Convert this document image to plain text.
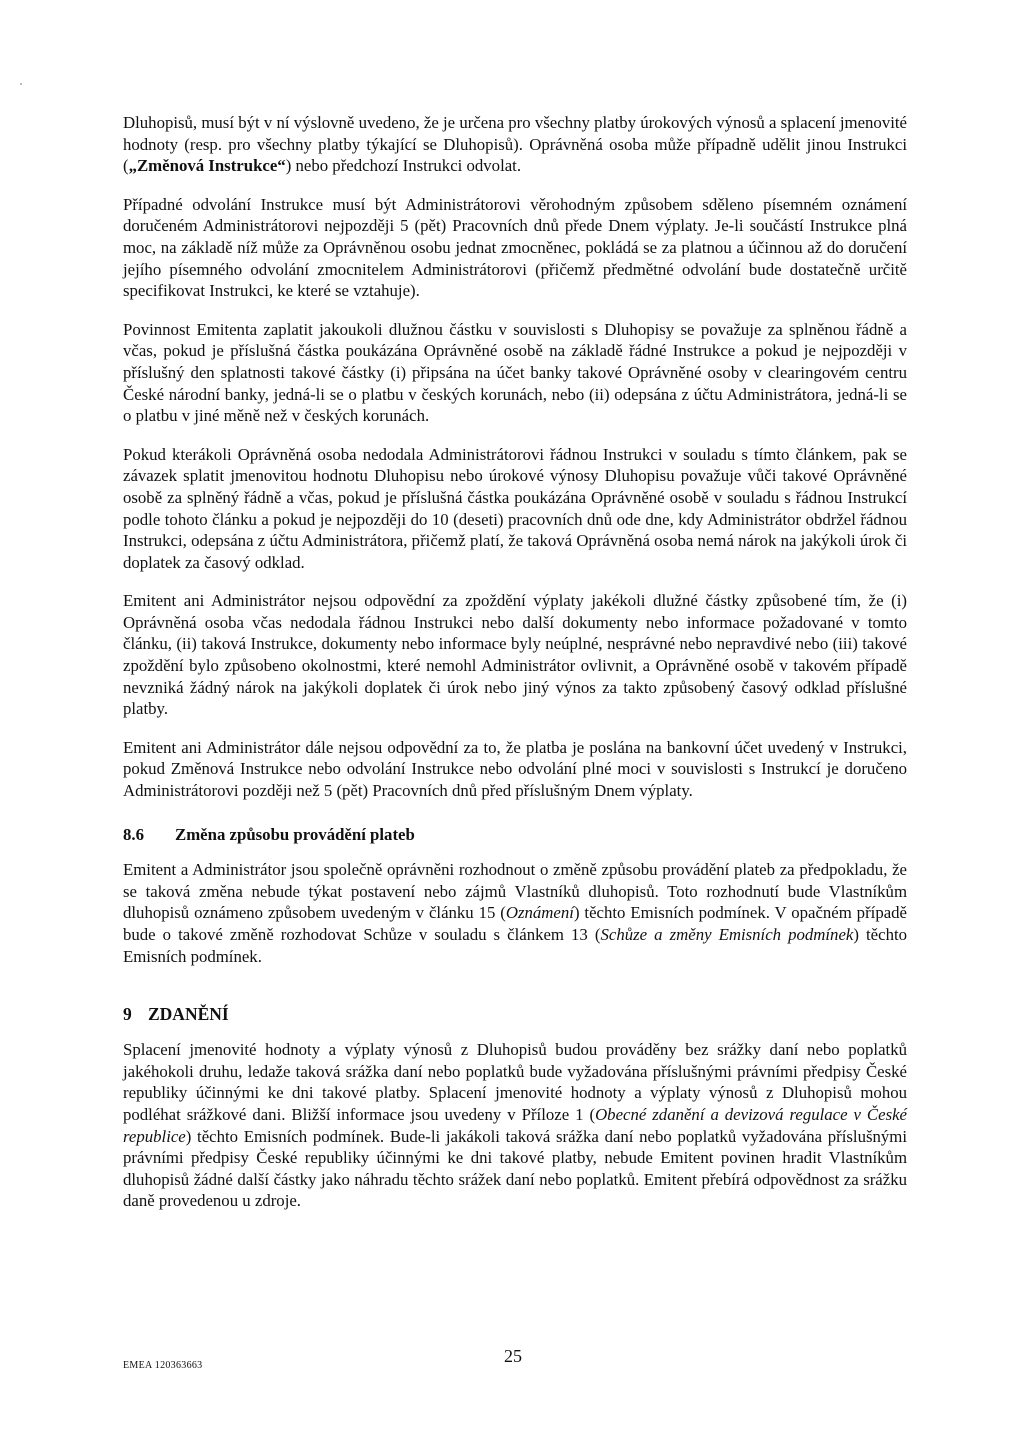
Dluhopisů, musí být v ní výslovně uvedeno, že je určena pro všechny platby úrokových výnosů a splacení jmenovité hodnoty (resp. pro všechny platby týkající se Dluhopisů). Oprávněná osoba může případně udělit jinou Instrukci („Změnová Instrukce“) nebo předchozí Instrukci odvolat.

Případné odvolání Instrukce musí být Administrátorovi věrohodným způsobem sděleno písemném oznámení doručeném Administrátorovi nejpozději 5 (pět) Pracovních dnů přede Dnem výplaty. Je-li součástí Instrukce plná moc, na základě níž může za Oprávněnou osobu jednat zmocněnec, pokládá se za platnou a účinnou až do doručení jejího písemného odvolání zmocnitelem Administrátorovi (přičemž předmětné odvolání bude dostatečně určitě specifikovat Instrukci, ke které se vztahuje).

Povinnost Emitenta zaplatit jakoukoli dlužnou částku v souvislosti s Dluhopisy se považuje za splněnou řádně a včas, pokud je příslušná částka poukázána Oprávněné osobě na základě řádné Instrukce a pokud je nejpozději v příslušný den splatnosti takové částky (i) připsána na účet banky takové Oprávněné osoby v clearingovém centru České národní banky, jedná-li se o platbu v českých korunách, nebo (ii) odepsána z účtu Administrátora, jedná-li se o platbu v jiné měně než v českých korunách.

Pokud kterákoli Oprávněná osoba nedodala Administrátorovi řádnou Instrukci v souladu s tímto článkem, pak se závazek splatit jmenovitou hodnotu Dluhopisu nebo úrokové výnosy Dluhopisu považuje vůči takové Oprávněné osobě za splněný řádně a včas, pokud je příslušná částka poukázána Oprávněné osobě v souladu s řádnou Instrukcí podle tohoto článku a pokud je nejpozději do 10 (deseti) pracovních dnů ode dne, kdy Administrátor obdržel řádnou Instrukci, odepsána z účtu Administrátora, přičemž platí, že taková Oprávněná osoba nemá nárok na jakýkoli úrok či doplatek za časový odklad.

Emitent ani Administrátor nejsou odpovědní za zpoždění výplaty jakékoli dlužné částky způsobené tím, že (i) Oprávněná osoba včas nedodala řádnou Instrukci nebo další dokumenty nebo informace požadované v tomto článku, (ii) taková Instrukce, dokumenty nebo informace byly neúplné, nesprávné nebo nepravdivé nebo (iii) takové zpoždění bylo způsobeno okolnostmi, které nemohl Administrátor ovlivnit, a Oprávněné osobě v takovém případě nevzniká žádný nárok na jakýkoli doplatek či úrok nebo jiný výnos za takto způsobený časový odklad příslušné platby.

Emitent ani Administrátor dále nejsou odpovědní za to, že platba je poslána na bankovní účet uvedený v Instrukci, pokud Změnová Instrukce nebo odvolání Instrukce nebo odvolání plné moci v souvislosti s Instrukcí je doručeno Administrátorovi později než 5 (pět) Pracovních dnů před příslušným Dnem výplaty.

8.6 Změna způsobu provádění plateb

Emitent a Administrátor jsou společně oprávněni rozhodnout o změně způsobu provádění plateb za předpokladu, že se taková změna nebude týkat postavení nebo zájmů Vlastníků dluhopisů. Toto rozhodnutí bude Vlastníkům dluhopisů oznámeno způsobem uvedeným v článku 15 (Oznámení) těchto Emisních podmínek. V opačném případě bude o takové změně rozhodovat Schůze v souladu s článkem 13 (Schůze a změny Emisních podmínek) těchto Emisních podmínek.

9 ZDANĚNÍ

Splacení jmenovité hodnoty a výplaty výnosů z Dluhopisů budou prováděny bez srážky daní nebo poplatků jakéhokoli druhu, ledaže taková srážka daní nebo poplatků bude vyžadována příslušnými právními předpisy České republiky účinnými ke dni takové platby. Splacení jmenovité hodnoty a výplaty výnosů z Dluhopisů mohou podléhat srážkové dani. Bližší informace jsou uvedeny v Příloze 1 (Obecné zdanění a devizová regulace v České republice) těchto Emisních podmínek. Bude-li jakákoli taková srážka daní nebo poplatků vyžadována příslušnými právními předpisy České republiky účinnými ke dni takové platby, nebude Emitent povinen hradit Vlastníkům dluhopisů žádné další částky jako náhradu těchto srážek daní nebo poplatků. Emitent přebírá odpovědnost za srážku daně provedenou u zdroje.

EMEA 120363663	25
